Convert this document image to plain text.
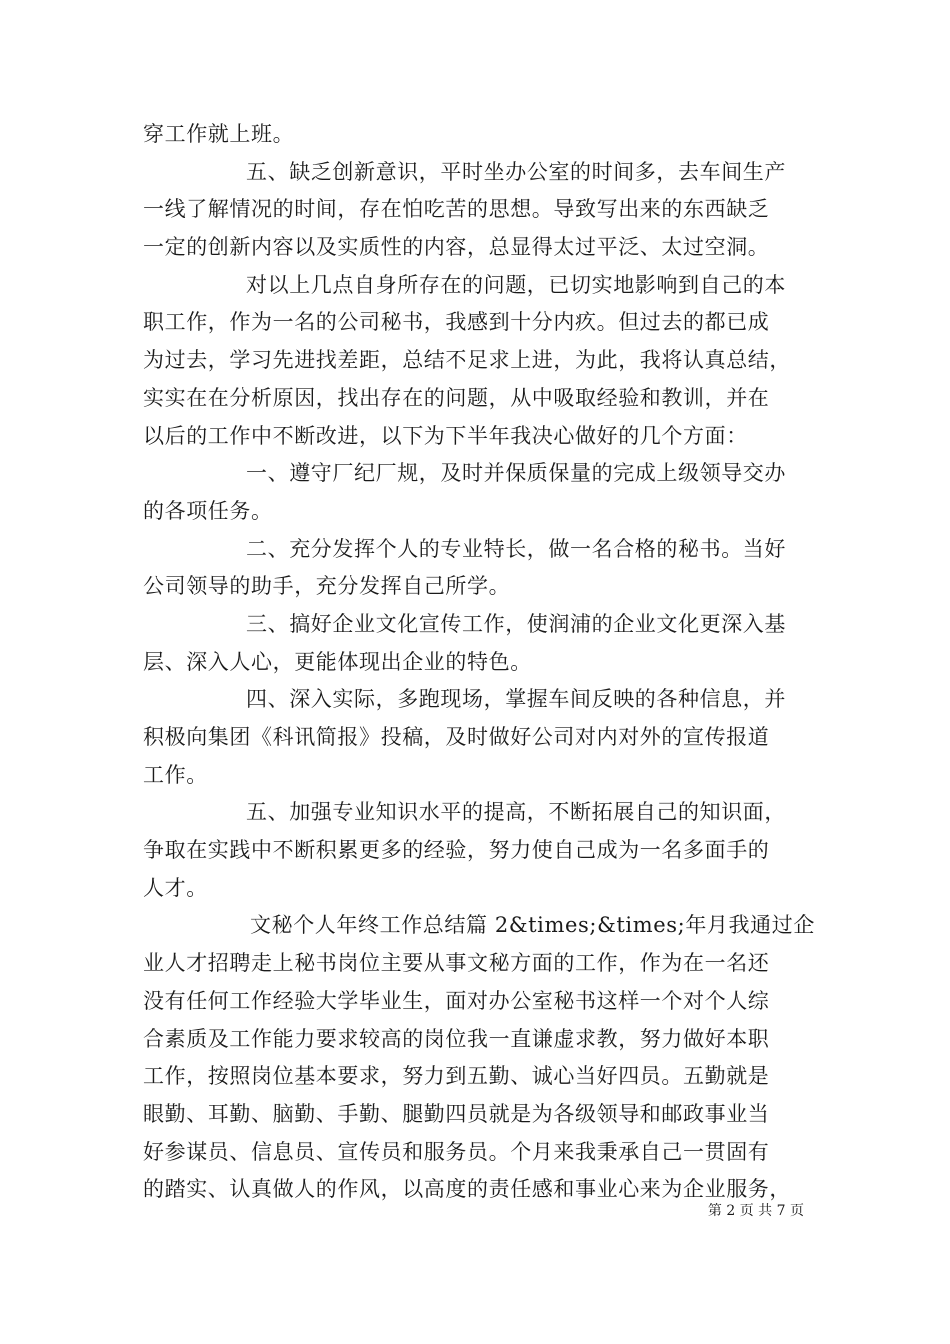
穿工作就上班。
五、缺乏创新意识，平时坐办公室的时间多，去车间生产
一线了解情况的时间，存在怕吃苦的思想。导致写出来的东西缺乏
一定的创新内容以及实质性的内容，总显得太过平泛、太过空洞。
对以上几点自身所存在的问题，已切实地影响到自己的本
职工作，作为一名的公司秘书，我感到十分内疚。但过去的都已成
为过去，学习先进找差距，总结不足求上进，为此，我将认真总结，
实实在在分析原因，找出存在的问题，从中吸取经验和教训，并在
以后的工作中不断改进，以下为下半年我决心做好的几个方面：
一、遵守厂纪厂规，及时并保质保量的完成上级领导交办
的各项任务。
二、充分发挥个人的专业特长，做一名合格的秘书。当好
公司领导的助手，充分发挥自己所学。
三、搞好企业文化宣传工作，使润浦的企业文化更深入基
层、深入人心，更能体现出企业的特色。
四、深入实际，多跑现场，掌握车间反映的各种信息，并
积极向集团《科讯简报》投稿，及时做好公司对内对外的宣传报道
工作。
五、加强专业知识水平的提高，不断拓展自己的知识面，
争取在实践中不断积累更多的经验，努力使自己成为一名多面手的
人才。
文秘个人年终工作总结篇 2&times;&times;年月我通过企
业人才招聘走上秘书岗位主要从事文秘方面的工作，作为在一名还
没有任何工作经验大学毕业生，面对办公室秘书这样一个对个人综
合素质及工作能力要求较高的岗位我一直谦虚求教，努力做好本职
工作，按照岗位基本要求，努力到五勤、诚心当好四员。五勤就是
眼勤、耳勤、脑勤、手勤、腿勤四员就是为各级领导和邮政事业当
好参谋员、信息员、宣传员和服务员。个月来我秉承自己一贯固有
的踏实、认真做人的作风，以高度的责任感和事业心来为企业服务，
第 2 页 共 7 页
